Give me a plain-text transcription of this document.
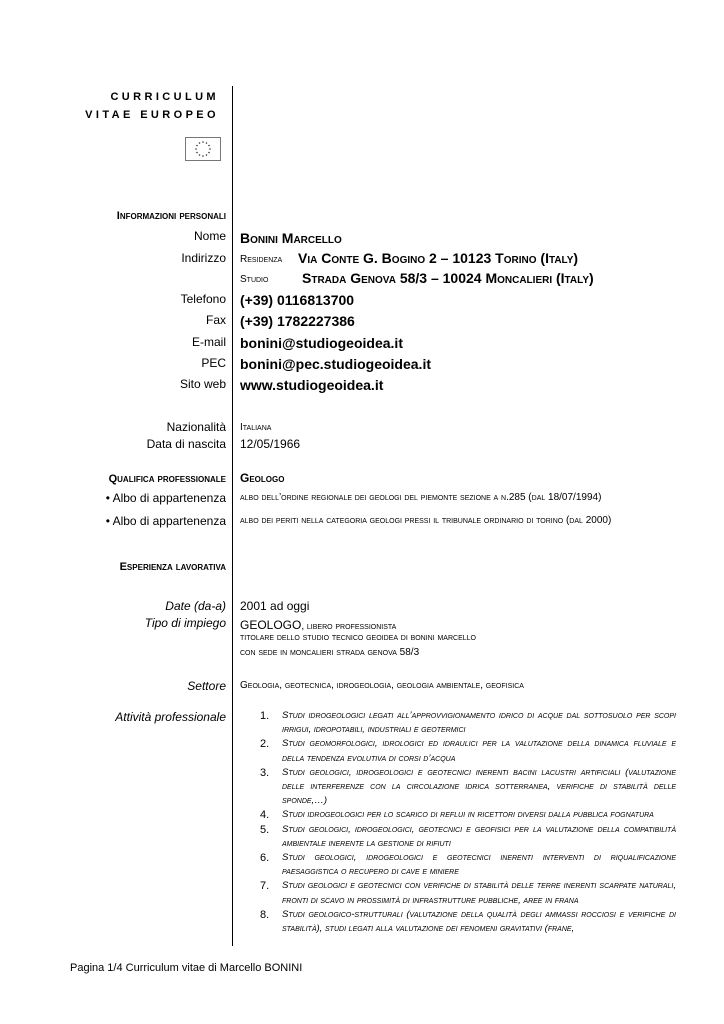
CURRICULUM
VITAE EUROPEO
Informazioni personali
Nome Bonini Marcello
Indirizzo Residenza Via Conte G. Bogino 2 – 10123 Torino (Italy)
Studio Strada Genova 58/3 – 10024 Moncalieri (Italy)
Telefono (+39) 0116813700
Fax (+39) 1782227386
E-mail bonini@studiogeoidea.it
PEC bonini@pec.studiogeoidea.it
Sito web www.studiogeoidea.it
Nazionalità Italiana
Data di nascita 12/05/1966
Qualifica professionale Geologo
• Albo di appartenenza albo dell’ordine regionale dei geologi del piemonte sezione a n.285 (dal 18/07/1994)
• Albo di appartenenza albo dei periti nella categoria geologi pressi il tribunale ordinario di torino (dal 2000)
Esperienza lavorativa
Date (da-a) 2001 ad oggi
Tipo di impiego GEOLOGO, libero professionista
titolare dello studio tecnico geoidea di bonini marcello
con sede in moncalieri strada genova 58/3
Settore Geologia, geotecnica, idrogeologia, geologia ambientale, geofisica
Attività professionale	1. Studi idrogeologici legati all’approvvigionamento idrico di acque dal sottosuolo per scopi irrigui, idropotabili, industriali e geotermici
2. Studi geomorfologici, idrologici ed idraulici per la valutazione della dinamica fluviale e della tendenza evolutiva di corsi d’acqua
3. Studi geologici, idrogeologici e geotecnici inerenti bacini lacustri artificiali (valutazione delle interferenze con la circolazione idrica sotterranea, verifiche di stabilità delle sponde,…)
4. Studi idrogeologici per lo scarico di reflui in ricettori diversi dalla pubblica fognatura
5. Studi geologici, idrogeologici, geotecnici e geofisici per la valutazione della compatibilità ambientale inerente la gestione di rifiuti
6. Studi geologici, idrogeologici e geotecnici inerenti interventi di riqualificazione paesaggistica o recupero di cave e miniere
7. Studi geologici e geotecnici con verifiche di stabilità delle terre inerenti scarpate naturali, fronti di scavo in prossimità di infrastrutture pubbliche, aree in frana
8. Studi geologico-strutturali (valutazione della qualità degli ammassi rocciosi e verifiche di stabilità), studi legati alla valutazione dei fenomeni gravitativi (frane,
Pagina 1/4 Curriculum vitae di Marcello BONINI
